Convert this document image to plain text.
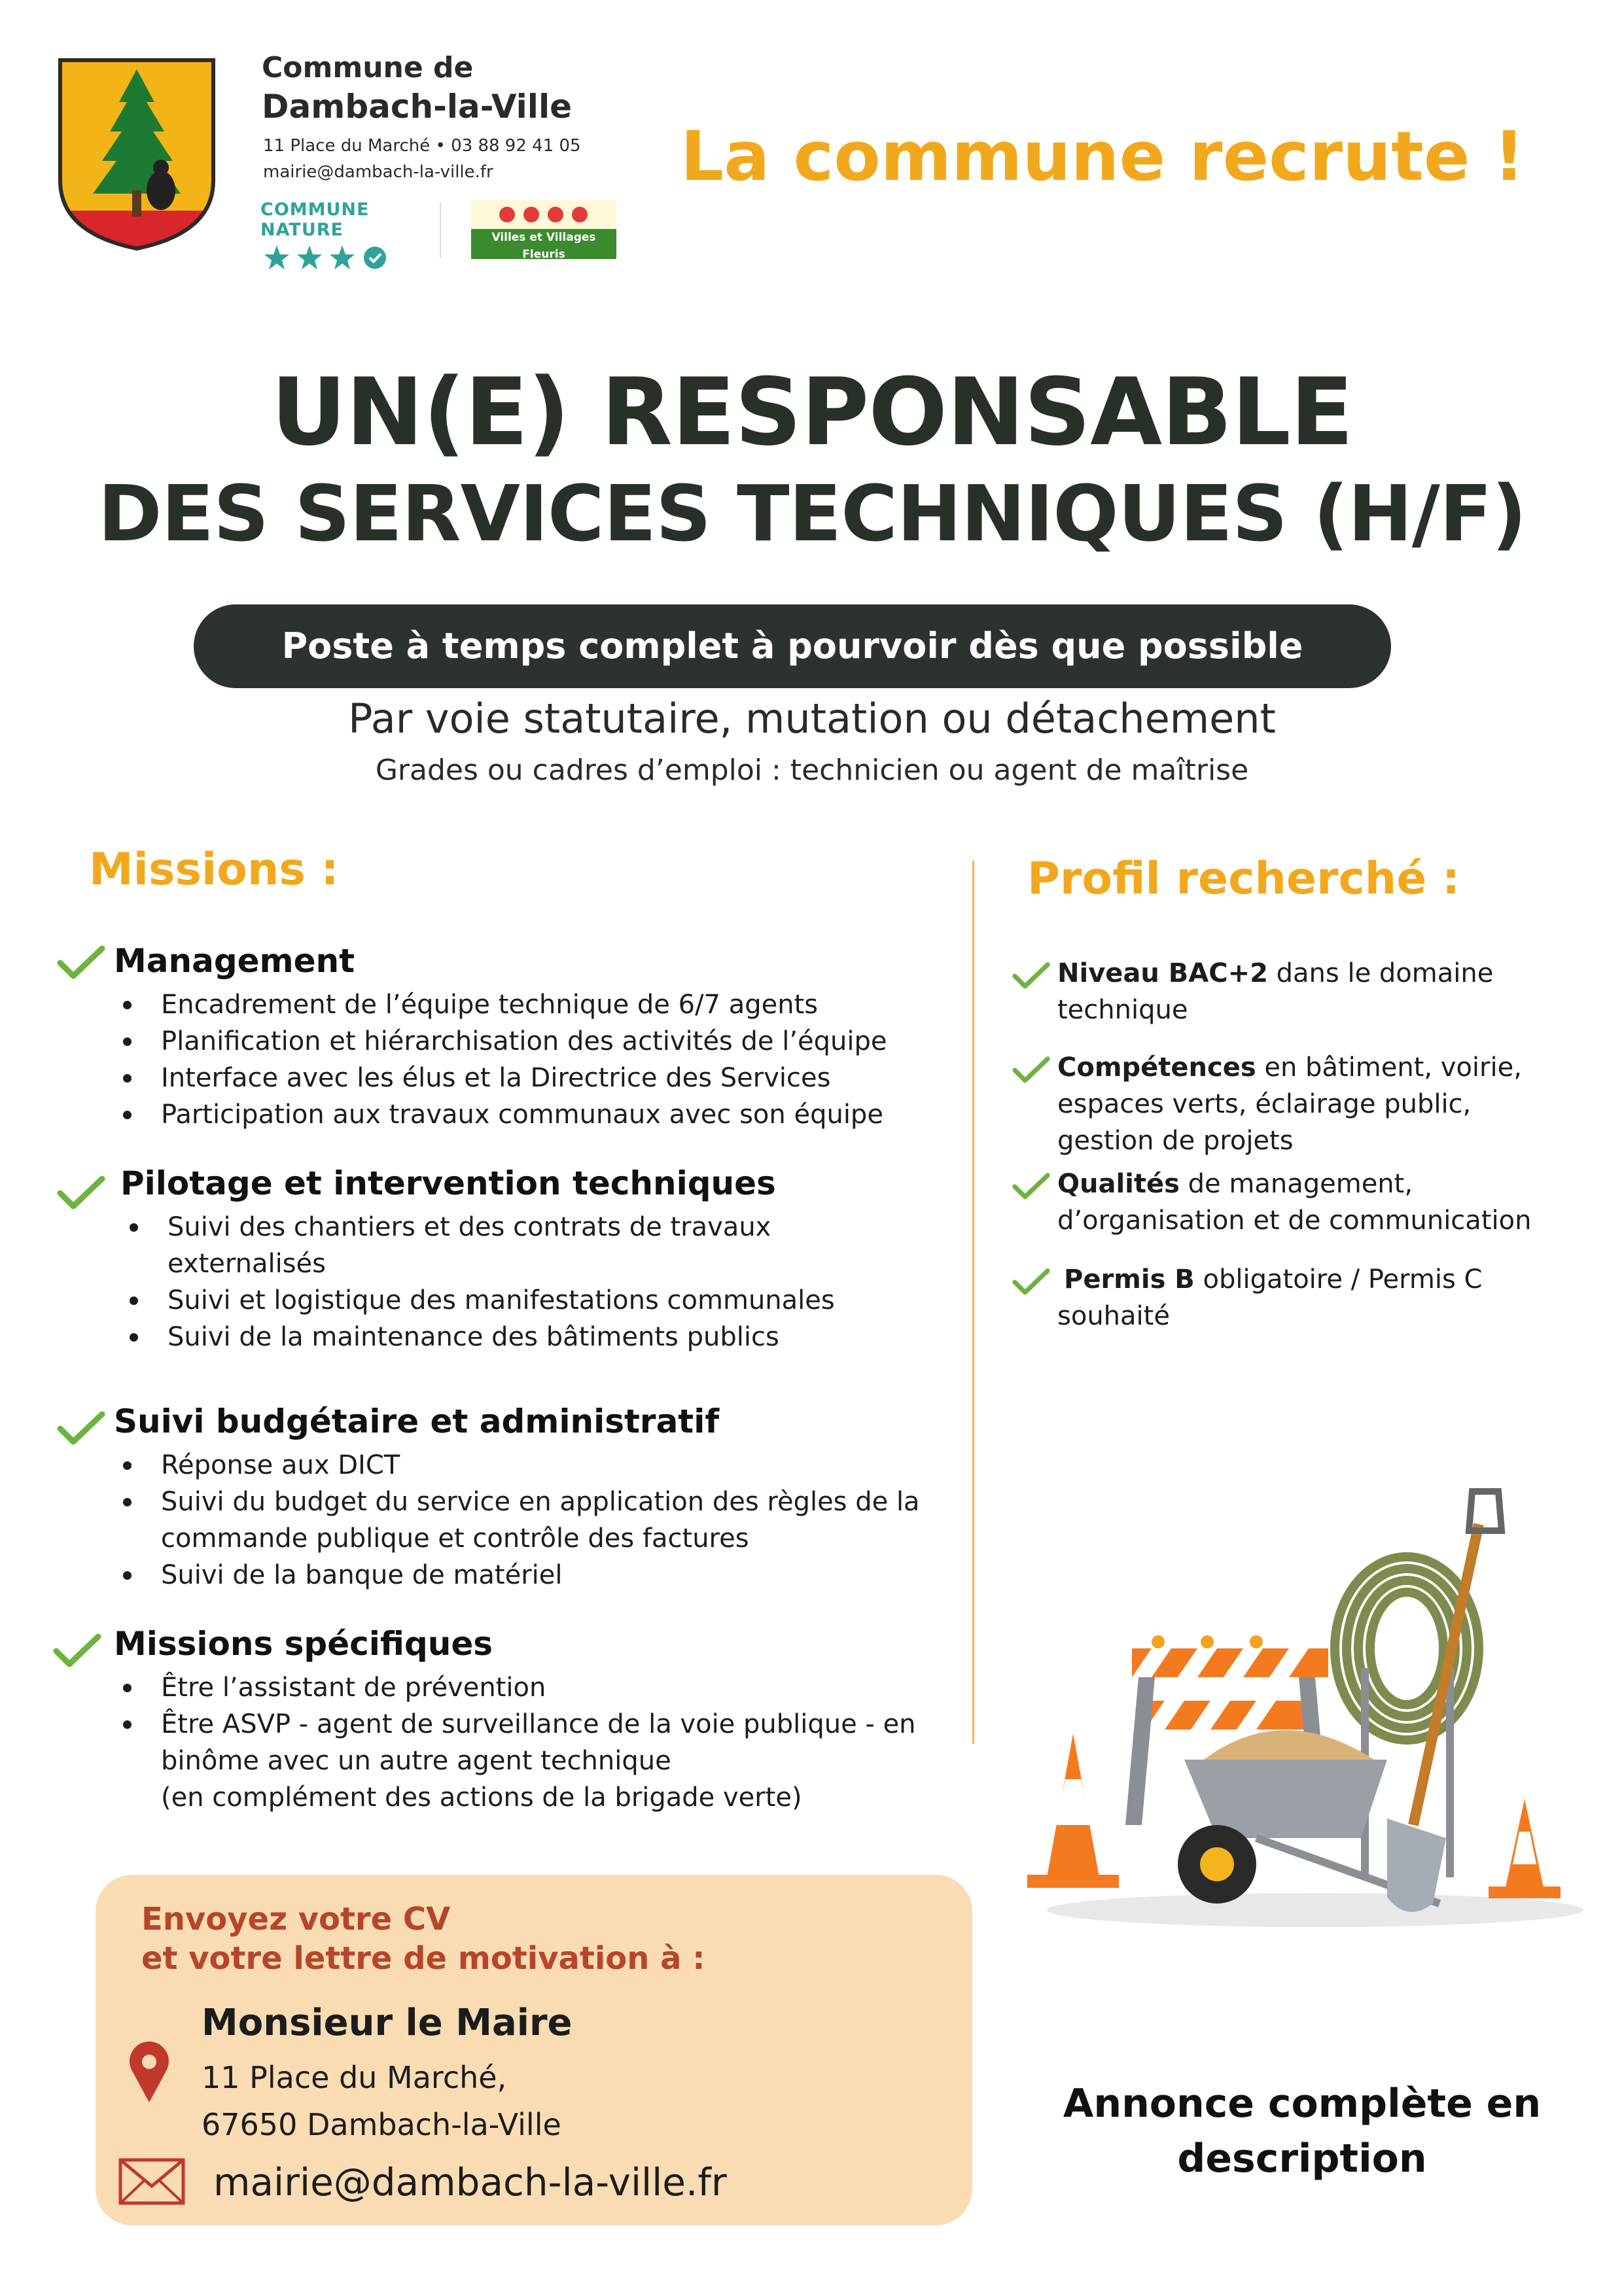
Commune de
Dambach-la-Ville
11 Place du Marché • 03 88 92 41 05
mairie@dambach-la-ville.fr
COMMUNE NATURE	Villes et Villages Fleuris
LE LABEL NATIONAL DE LA QUALITÉ DE VIE
La commune recrute !
UN(E) RESPONSABLE
DES SERVICES TECHNIQUES (H/F)
Poste à temps complet à pourvoir dès que possible
Par voie statutaire, mutation ou détachement
Grades ou cadres d’emploi : technicien ou agent de maîtrise
Missions :
Management
Encadrement de l’équipe technique de 6/7 agents
Planification et hiérarchisation des activités de l’équipe
Interface avec les élus et la Directrice des Services
Participation aux travaux communaux avec son équipe
Pilotage et intervention techniques
Suivi des chantiers et des contrats de travaux externalisés
Suivi et logistique des manifestations communales
Suivi de la maintenance des bâtiments publics
Suivi budgétaire et administratif
Réponse aux DICT
Suivi du budget du service en application des règles de la commande publique et contrôle des factures
Suivi de la banque de matériel
Missions spécifiques
Être l’assistant de prévention
Être ASVP - agent de surveillance de la voie publique - en binôme avec un autre agent technique
(en complément des actions de la brigade verte)
Profil recherché :
Niveau BAC+2 dans le domaine technique
Compétences en bâtiment, voirie, espaces verts, éclairage public, gestion de projets
Qualités de management, d’organisation et de communication
Permis B obligatoire / Permis C souhaité
Envoyez votre CV
et votre lettre de motivation à :
Monsieur le Maire
11 Place du Marché,
67650 Dambach-la-Ville
mairie@dambach-la-ville.fr
Annonce complète en description
